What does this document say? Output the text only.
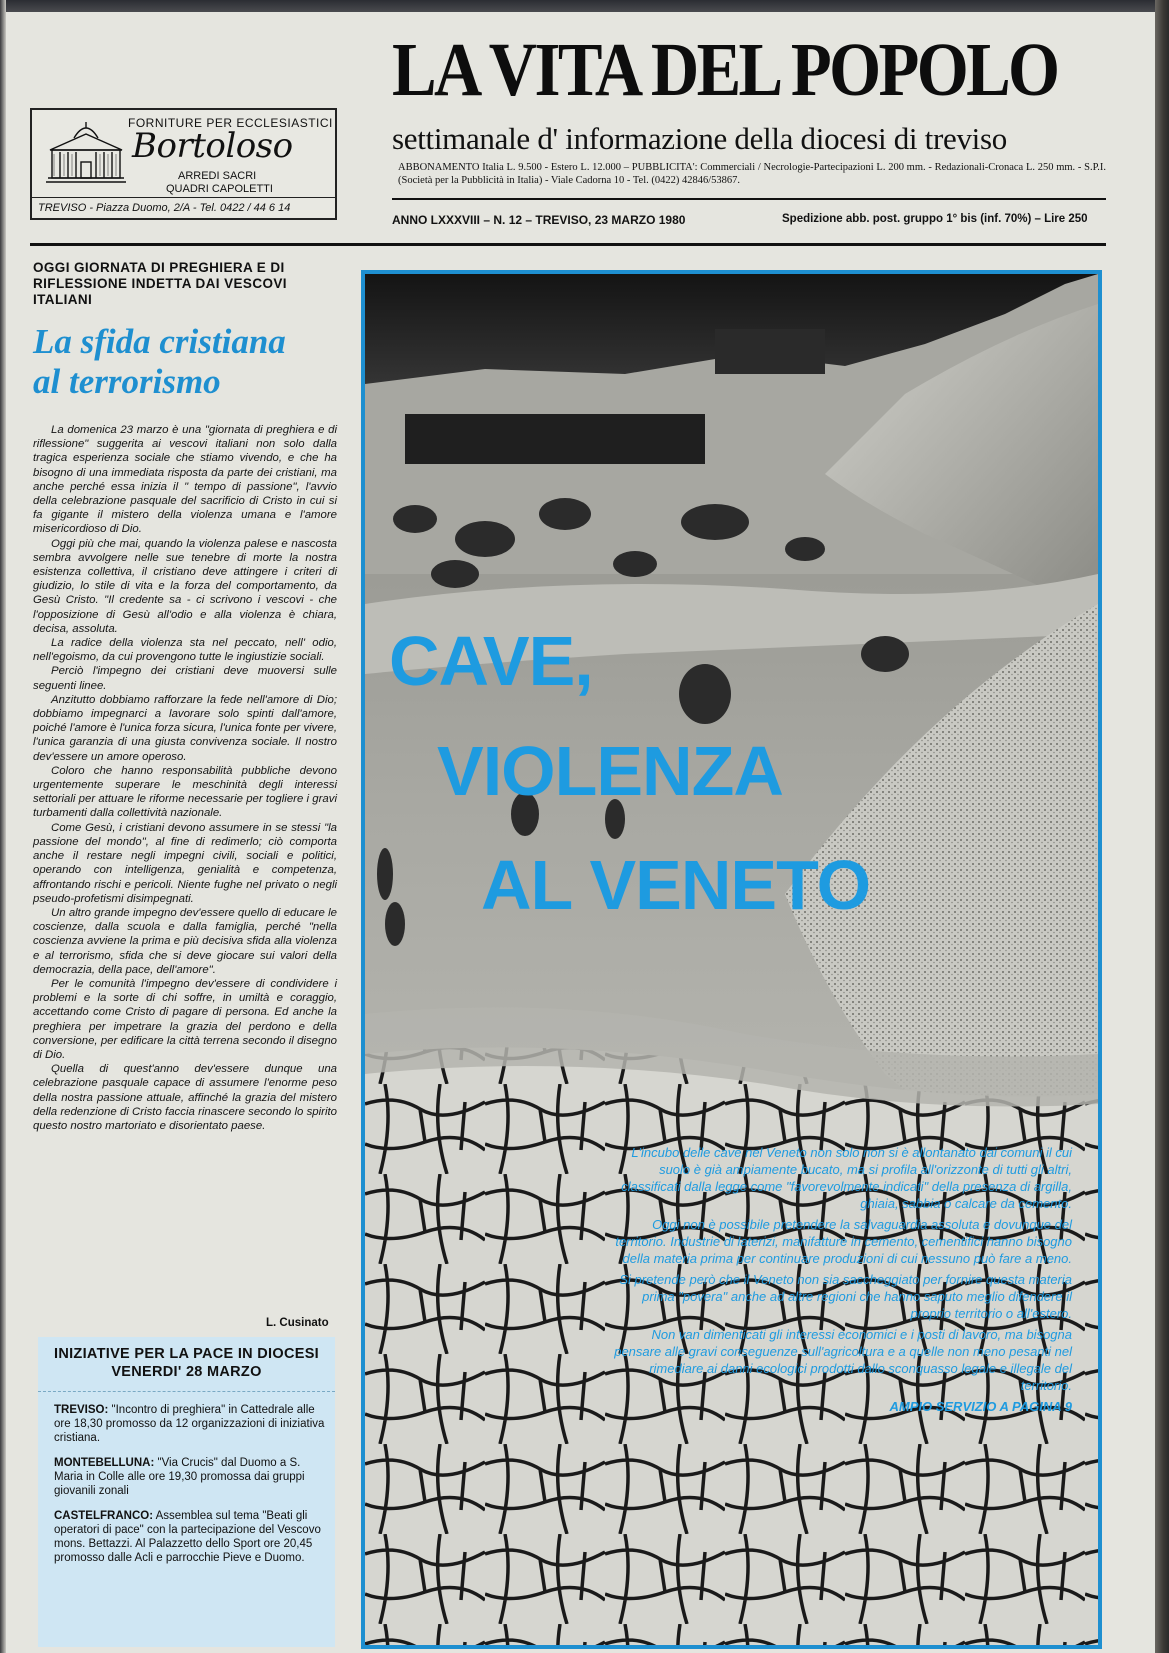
FORNITURE PER ECCLESIASTICI
Bortoloso
ARREDI SACRI
QUADRI CAPOLETTI
TREVISO - Piazza Duomo, 2/A - Tel. 0422 / 44 6 14
LA VITA DEL POPOLO
settimanale d' informazione della diocesi di treviso
ABBONAMENTO Italia L. 9.500 - Estero L. 12.000 – PUBBLICITA': Commerciali / Necrologie-Partecipazioni L. 200 mm. - Redazionali-Cronaca L. 250 mm. - S.P.I. (Società per la Pubblicità in Italia) - Viale Cadorna 10 - Tel. (0422) 42846/53867.
ANNO LXXXVIII – N. 12 – TREVISO, 23 MARZO 1980	Spedizione abb. post. gruppo 1° bis (inf. 70%) – Lire 250
OGGI GIORNATA DI PREGHIERA E DI RIFLESSIONE INDETTA DAI VESCOVI ITALIANI
La sfida cristiana
al terrorismo

La domenica 23 marzo è una "giornata di preghiera e di riflessione" suggerita ai vescovi italiani non solo dalla tragica esperienza sociale che stiamo vivendo, e che ha bisogno di una immediata risposta da parte dei cristiani, ma anche perché essa inizia il " tempo di passione", l'avvio della celebrazione pasquale del sacrificio di Cristo in cui si fa gigante il mistero della violenza umana e l'amore misericordioso di Dio.

Oggi più che mai, quando la violenza palese e nascosta sembra avvolgere nelle sue tenebre di morte la nostra esistenza collettiva, il cristiano deve attingere i criteri di giudizio, lo stile di vita e la forza del comportamento, da Gesù Cristo. "Il credente sa - ci scrivono i vescovi - che l'opposizione di Gesù all'odio e alla violenza è chiara, decisa, assoluta.

La radice della violenza sta nel peccato, nell' odio, nell'egoismo, da cui provengono tutte le ingiustizie sociali.

Perciò l'impegno dei cristiani deve muoversi sulle seguenti linee.

Anzitutto dobbiamo rafforzare la fede nell'amore di Dio; dobbiamo impegnarci a lavorare solo spinti dall'amore, poiché l'amore è l'unica forza sicura, l'unica fonte per vivere, l'unica garanzia di una giusta convivenza sociale. Il nostro dev'essere un amore operoso.

Coloro che hanno responsabilità pubbliche devono urgentemente superare le meschinità degli interessi settoriali per attuare le riforme necessarie per togliere i gravi turbamenti dalla collettività nazionale.

Come Gesù, i cristiani devono assumere in se stessi "la passione del mondo", al fine di redimerlo; ciò comporta anche il restare negli impegni civili, sociali e politici, operando con intelligenza, genialità e competenza, affrontando rischi e pericoli. Niente fughe nel privato o negli pseudo-profetismi disimpegnati.

Un altro grande impegno dev'essere quello di educare le coscienze, dalla scuola e dalla famiglia, perché "nella coscienza avviene la prima e più decisiva sfida alla violenza e al terrorismo, sfida che si deve giocare sui valori della democrazia, della pace, dell'amore".

Per le comunità l'impegno dev'essere di condividere i problemi e la sorte di chi soffre, in umiltà e coraggio, accettando come Cristo di pagare di persona. Ed anche la preghiera per impetrare la grazia del perdono e della conversione, per edificare la città terrena secondo il disegno di Dio.

Quella di quest'anno dev'essere dunque una celebrazione pasquale capace di assumere l'enorme peso della nostra passione attuale, affinché la grazia del mistero della redenzione di Cristo faccia rinascere secondo lo spirito questo nostro martoriato e disorientato paese.

L. Cusinato
INIZIATIVE PER LA PACE IN DIOCESI
VENERDI' 28 MARZO
TREVISO: "Incontro di preghiera" in Cattedrale alle ore 18,30 promosso da 12 organizzazioni di iniziativa cristiana.
MONTEBELLUNA: "Via Crucis" dal Duomo a S. Maria in Colle alle ore 19,30 promossa dai gruppi giovanili zonali
CASTELFRANCO: Assemblea sul tema "Beati gli operatori di pace" con la partecipazione del Vescovo mons. Bettazzi. Al Palazzetto dello Sport ore 20,45 promosso dalle Acli e parrocchie Pieve e Duomo.
CAVE,
VIOLENZA
AL VENETO

L'incubo delle cave nel Veneto non solo non si è allontanato dai comuni il cui suolo è già ampiamente bucato, ma si profila all'orizzonte di tutti gli altri, classificati dalla legge come "favorevolmente indicati" della presenza di argilla, ghiaia, sabbia o calcare da cemento.

Oggi non è possibile pretendere la salvaguardia assoluta e dovunque del territorio. Industrie di laterizi, manifatture in cemento, cementifici hanno bisogno della materia prima per continuare produzioni di cui nessuno può fare a meno.

Si pretende però che il Veneto non sia saccheggiato per fornire questa materia prima "povera" anche ad altre regioni che hanno saputo meglio difendere il proprio territorio o all'estero.

Non van dimenticati gli interessi economici e i posti di lavoro, ma bisogna pensare alle gravi conseguenze sull'agricoltura e a quelle non meno pesanti nel rimediare ai danni ecologici prodotti dallo sconquasso legale e illegale del territorio.

AMPIO SERVIZIO A PAGINA 9
